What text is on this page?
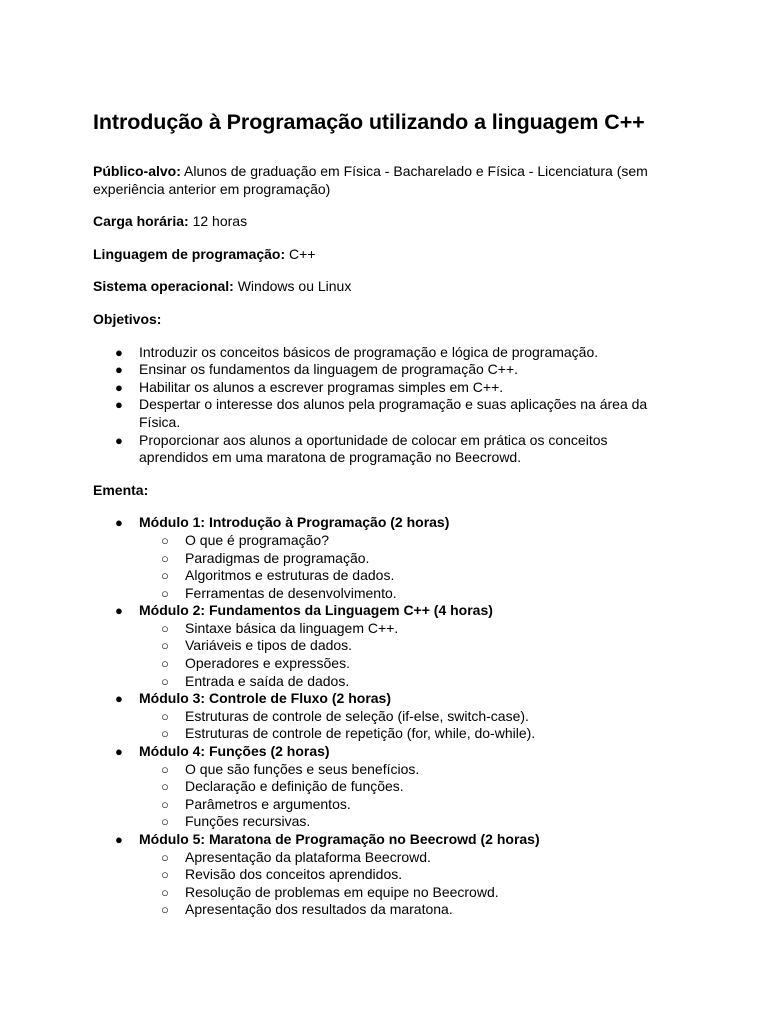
Introdução à Programação utilizando a linguagem C++

Público-alvo: Alunos de graduação em Física - Bacharelado e Física - Licenciatura (sem experiência anterior em programação)

Carga horária: 12 horas

Linguagem de programação: C++

Sistema operacional: Windows ou Linux

Objetivos:
● Introduzir os conceitos básicos de programação e lógica de programação.
● Ensinar os fundamentos da linguagem de programação C++.
● Habilitar os alunos a escrever programas simples em C++.
● Despertar o interesse dos alunos pela programação e suas aplicações na área da Física.
● Proporcionar aos alunos a oportunidade de colocar em prática os conceitos aprendidos em uma maratona de programação no Beecrowd.
Ementa:
● Módulo 1: Introdução à Programação (2 horas)
○ O que é programação?
○ Paradigmas de programação.
○ Algoritmos e estruturas de dados.
○ Ferramentas de desenvolvimento.
● Módulo 2: Fundamentos da Linguagem C++ (4 horas)
○ Sintaxe básica da linguagem C++.
○ Variáveis e tipos de dados.
○ Operadores e expressões.
○ Entrada e saída de dados.
● Módulo 3: Controle de Fluxo (2 horas)
○ Estruturas de controle de seleção (if-else, switch-case).
○ Estruturas de controle de repetição (for, while, do-while).
● Módulo 4: Funções (2 horas)
○ O que são funções e seus benefícios.
○ Declaração e definição de funções.
○ Parâmetros e argumentos.
○ Funções recursivas.
● Módulo 5: Maratona de Programação no Beecrowd (2 horas)
○ Apresentação da plataforma Beecrowd.
○ Revisão dos conceitos aprendidos.
○ Resolução de problemas em equipe no Beecrowd.
○ Apresentação dos resultados da maratona.
